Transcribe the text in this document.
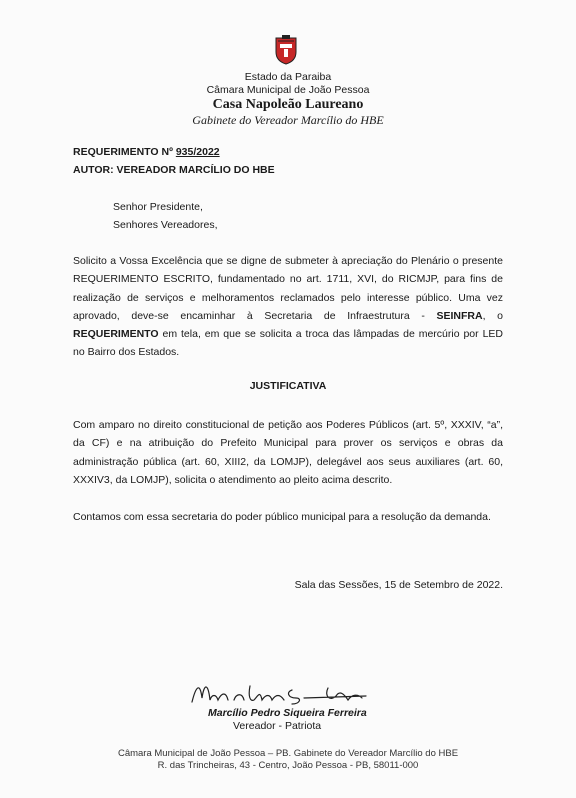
Estado da Paraiba
Câmara Municipal de João Pessoa
Casa Napoleão Laureano
Gabinete do Vereador Marcílio do HBE
REQUERIMENTO Nº 935/2022
AUTOR: VEREADOR MARCÍLIO DO HBE
Senhor Presidente,
Senhores Vereadores,
Solicito a Vossa Excelência que se digne de submeter à apreciação do Plenário o presente REQUERIMENTO ESCRITO, fundamentado no art. 1711, XVI, do RICMJP, para fins de realização de serviços e melhoramentos reclamados pelo interesse público. Uma vez aprovado, deve-se encaminhar à Secretaria de Infraestrutura - SEINFRA, o REQUERIMENTO em tela, em que se solicita a troca das lâmpadas de mercúrio por LED no Bairro dos Estados.
JUSTIFICATIVA
Com amparo no direito constitucional de petição aos Poderes Públicos (art. 5º, XXXIV, “a”, da CF) e na atribuição do Prefeito Municipal para prover os serviços e obras da administração pública (art. 60, XIII2, da LOMJP), delegável aos seus auxiliares (art. 60, XXXIV3, da LOMJP), solicita o atendimento ao pleito acima descrito.
Contamos com essa secretaria do poder público municipal para a resolução da demanda.
Sala das Sessões, 15 de Setembro de 2022.
Marcílio Pedro Siqueira Ferreira
Vereador - Patriota
Câmara Municipal de João Pessoa – PB. Gabinete do Vereador Marcílio do HBE
R. das Trincheiras, 43 - Centro, João Pessoa - PB, 58011-000
